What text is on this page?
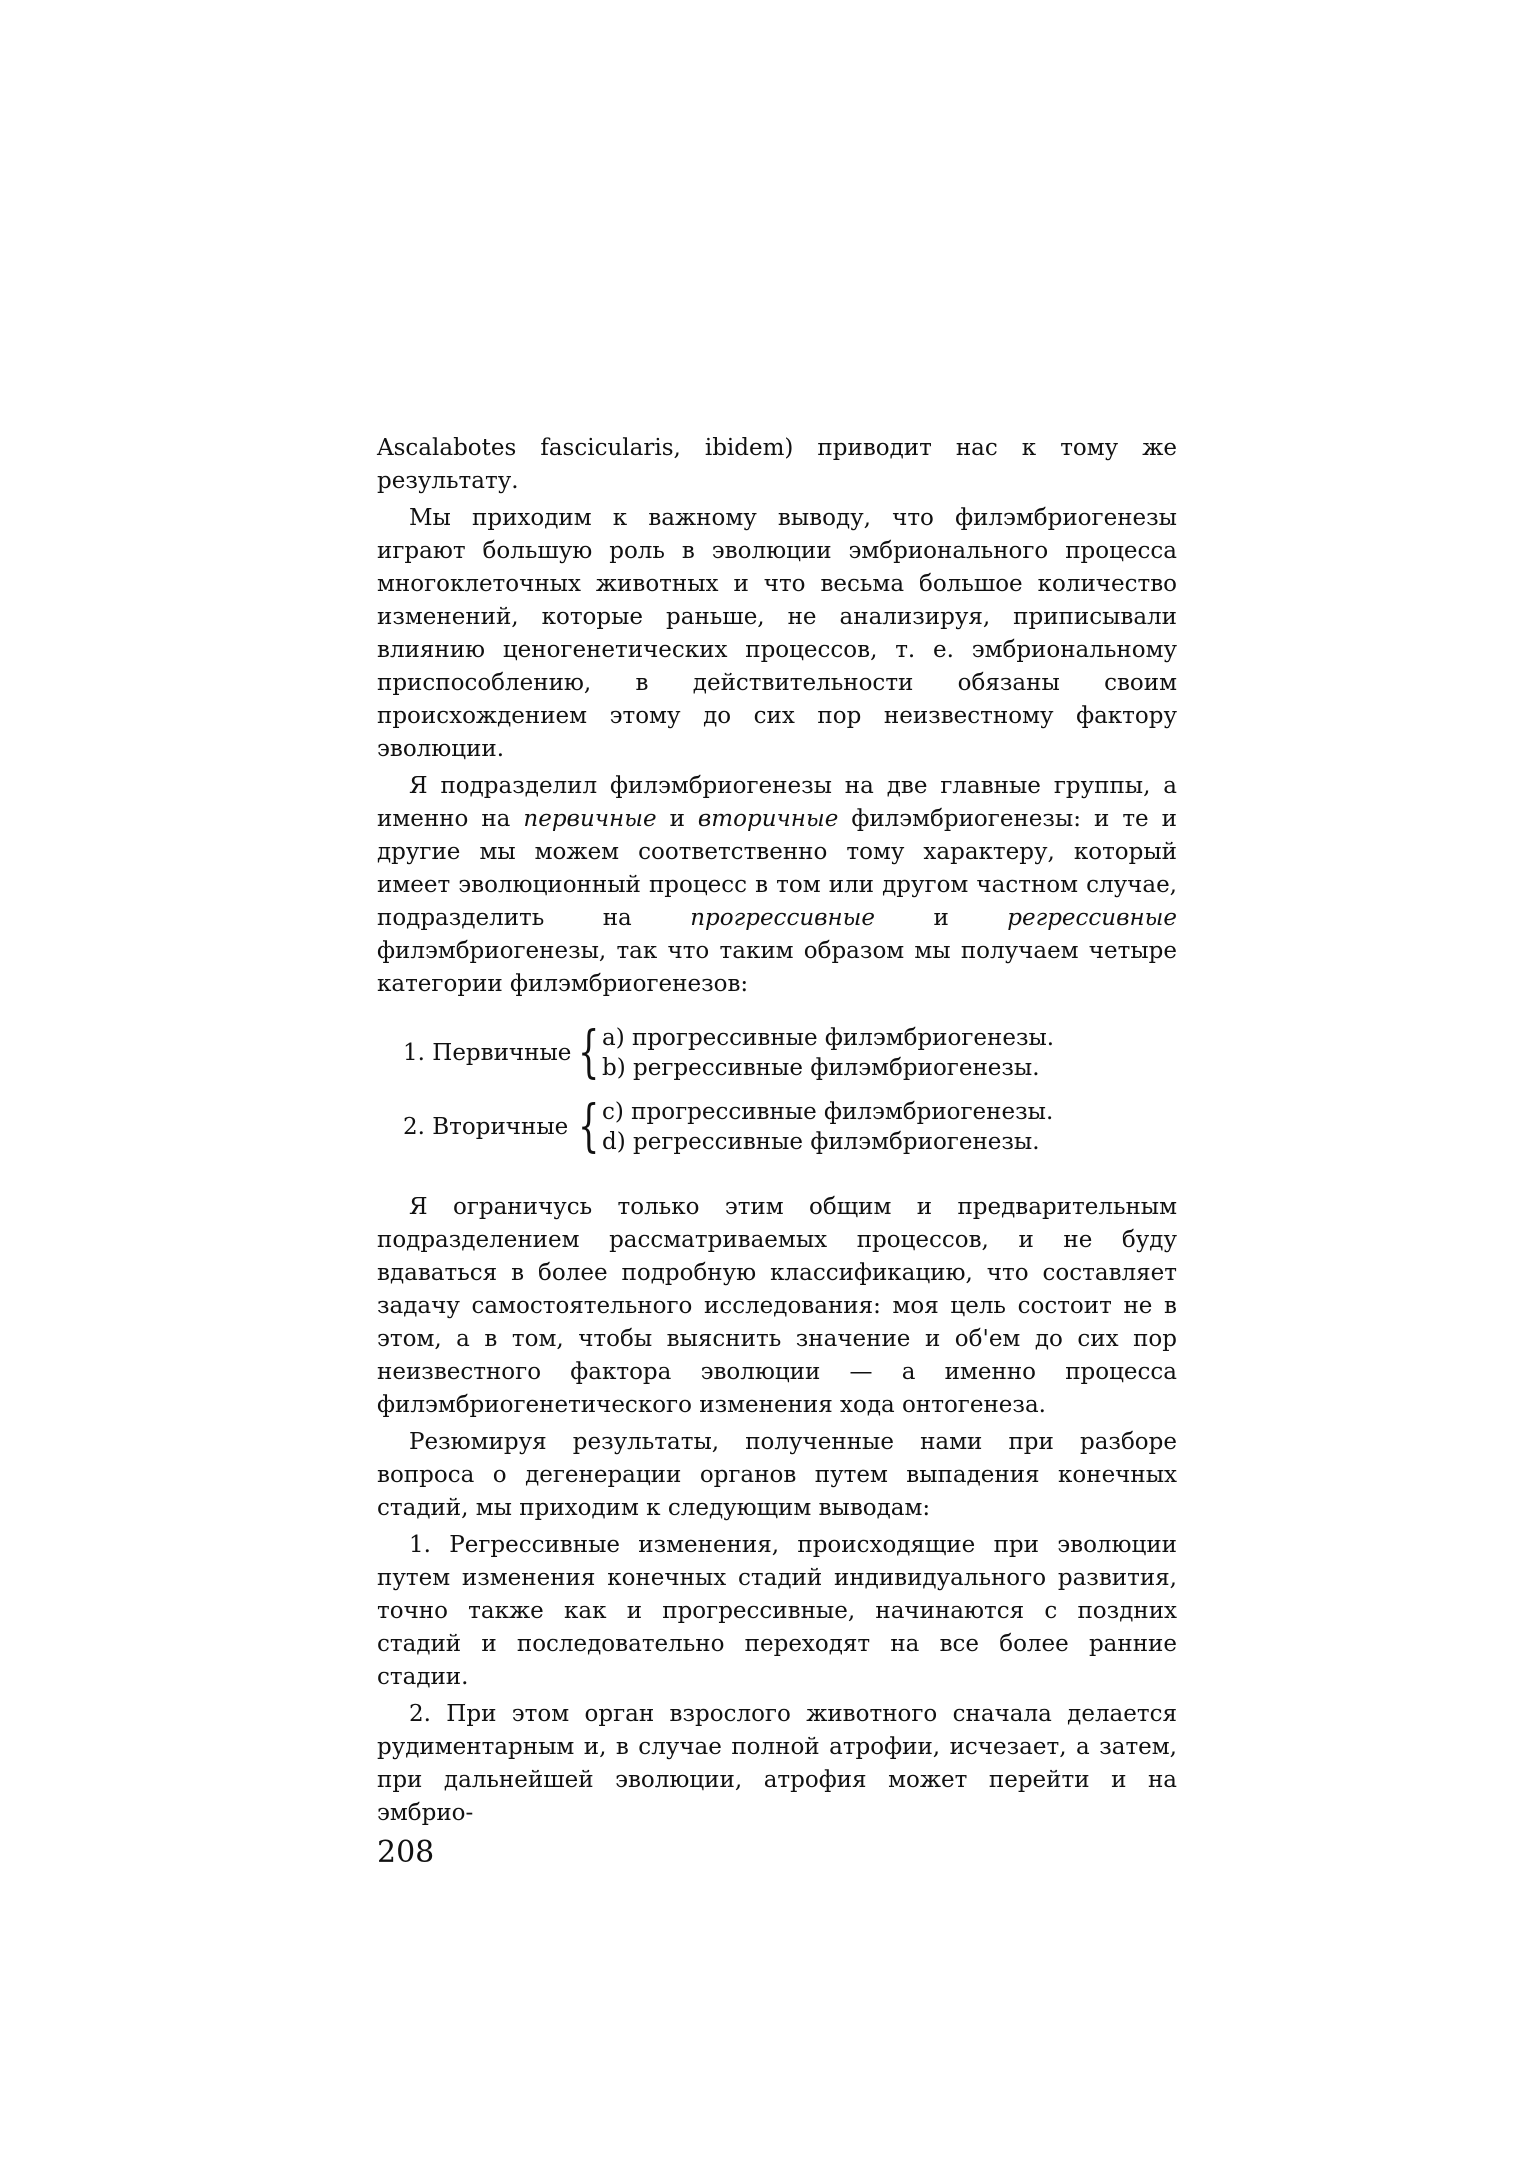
Ascalabotes fascicularis, ibidem) приводит нас к тому же результату.

Мы приходим к важному выводу, что филэмбриогенезы играют большую роль в эволюции эмбрионального процесса многоклеточных животных и что весьма большое количество изменений, которые раньше, не анализируя, приписывали влиянию ценогенетических процессов, т. е. эмбриональному приспособлению, в действительности обязаны своим происхождением этому до сих пор неизвестному фактору эволюции.

Я подразделил филэмбриогенезы на две главные группы, а именно на первичные и вторичные филэмбриогенезы: и те и другие мы можем соответственно тому характеру, который имеет эволюционный процесс в том или другом частном случае, подразделить на прогрессивные и регрессивные филэмбриогенезы, так что таким образом мы получаем четыре категории филэмбриогенезов:

1. Первичные { a) прогрессивные филэмбриогенезы.
b) регрессивные филэмбриогенезы.
2. Вторичные { c) прогрессивные филэмбриогенезы.
d) регрессивные филэмбриогенезы.

Я ограничусь только этим общим и предварительным подразделением рассматриваемых процессов, и не буду вдаваться в более подробную классификацию, что составляет задачу самостоятельного исследования: моя цель состоит не в этом, а в том, чтобы выяснить значение и об'ем до сих пор неизвестного фактора эволюции — а именно процесса филэмбриогенетического изменения хода онтогенеза.

Резюмируя результаты, полученные нами при разборе вопроса о дегенерации органов путем выпадения конечных стадий, мы приходим к следующим выводам:

1. Регрессивные изменения, происходящие при эволюции путем изменения конечных стадий индивидуального развития, точно также как и прогрессивные, начинаются с поздних стадий и последовательно переходят на все более ранние стадии.

2. При этом орган взрослого животного сначала делается рудиментарным и, в случае полной атрофии, исчезает, а затем, при дальнейшей эволюции, атрофия может перейти и на эмбрио-

208
